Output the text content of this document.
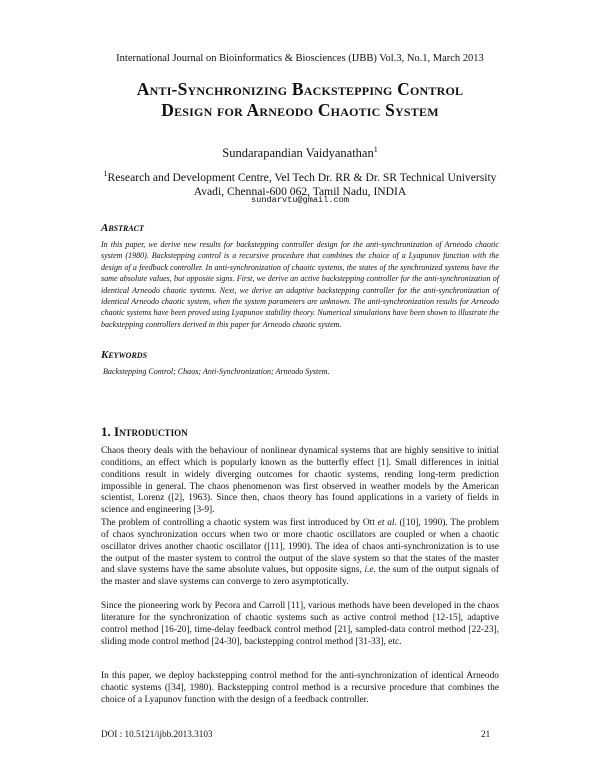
International Journal on Bioinformatics & Biosciences (IJBB) Vol.3, No.1, March 2013
Anti-Synchronizing Backstepping Control
Design for Arneodo Chaotic System
Sundarapandian Vaidyanathan$^1$
$^1$Research and Development Centre, Vel Tech Dr. RR & Dr. SR Technical University
Avadi, Chennai-600 062, Tamil Nadu, INDIA
sundarvtu@gmail.com
Abstract
In this paper, we derive new results for backstepping controller design for the anti-synchronization of Arneodo chaotic system (1980). Backstepping control is a recursive procedure that combines the choice of a Lyapunov function with the design of a feedback controller. In anti-synchronization of chaotic systems, the states of the synchronized systems have the same absolute values, but opposite signs. First, we derive an active backstepping controller for the anti-synchronization of identical Arneodo chaotic systems. Next, we derive an adaptive backstepping controller for the anti-synchronization of identical Arneodo chaotic system, when the system parameters are unknown. The anti-synchronization results for Arneodo chaotic systems have been proved using Lyapunov stability theory. Numerical simulations have been shown to illustrate the backstepping controllers derived in this paper for Arneodo chaotic system.
Keywords
Backstepping Control; Chaos; Anti-Synchronization; Arneodo System.
1. Introduction
Chaos theory deals with the behaviour of nonlinear dynamical systems that are highly sensitive to initial conditions, an effect which is popularly known as the butterfly effect [1]. Small differences in initial conditions result in widely diverging outcomes for chaotic systems, rending long-term prediction impossible in general. The chaos phenomenon was first observed in weather models by the American scientist, Lorenz ([2], 1963). Since then, chaos theory has found applications in a variety of fields in science and engineering [3-9].
The problem of controlling a chaotic system was first introduced by Ott et al. ([10], 1990). The problem of chaos synchronization occurs when two or more chaotic oscillators are coupled or when a chaotic oscillator drives another chaotic oscillator ([11], 1990). The idea of chaos anti-synchronization is to use the output of the master system to control the output of the slave system so that the states of the master and slave systems have the same absolute values, but opposite signs, i.e. the sum of the output signals of the master and slave systems can converge to zero asymptotically.
Since the pioneering work by Pecora and Carroll [11], various methods have been developed in the chaos literature for the synchronization of chaotic systems such as active control method [12-15], adaptive control method [16-20], time-delay feedback control method [21], sampled-data control method [22-23], sliding mode control method [24-30], backstepping control method [31-33], etc.
In this paper, we deploy backstepping control method for the anti-synchronization of identical Arneodo chaotic systems ([34], 1980). Backstepping control method is a recursive procedure that combines the choice of a Lyapunov function with the design of a feedback controller.
DOI : 10.5121/ijbb.2013.3103	21
